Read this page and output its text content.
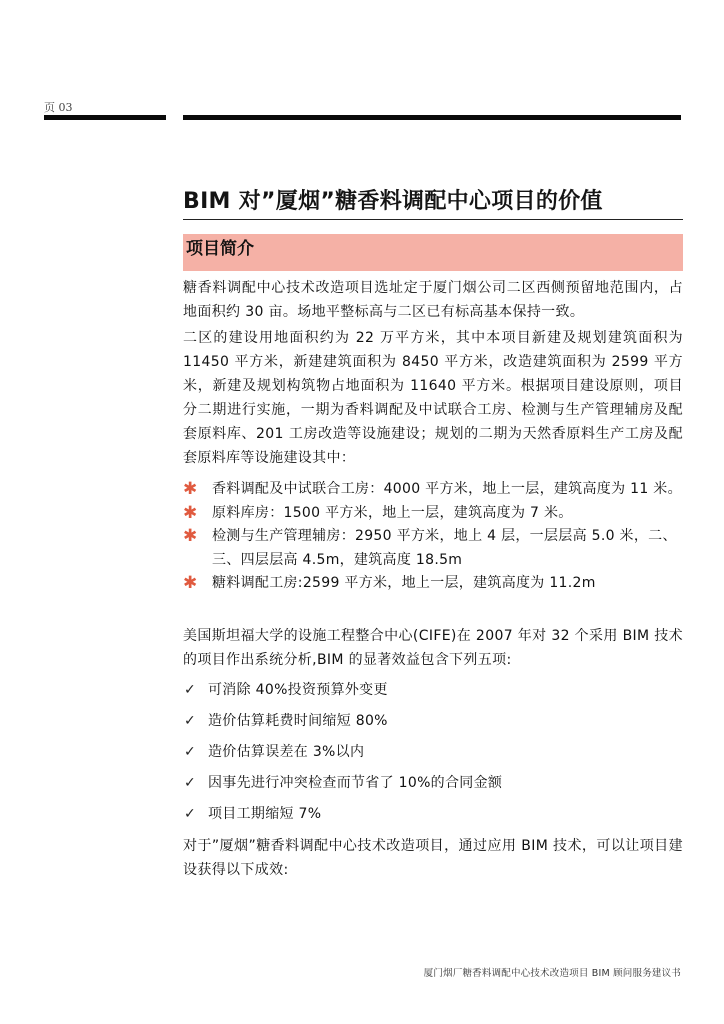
页 03
BIM 对”厦烟”糖香料调配中心项目的价值
项目简介

糖香料调配中心技术改造项目选址定于厦门烟公司二区西侧预留地范围内，占地面积约 30 亩。场地平整标高与二区已有标高基本保持一致。

二区的建设用地面积约为 22 万平方米，其中本项目新建及规划建筑面积为 11450 平方米，新建建筑面积为 8450 平方米，改造建筑面积为 2599 平方米，新建及规划构筑物占地面积为 11640 平方米。根据项目建设原则，项目分二期进行实施，一期为香料调配及中试联合工房、检测与生产管理辅房及配套原料库、201 工房改造等设施建设；规划的二期为天然香原料生产工房及配套原料库等设施建设其中：

✱ 香料调配及中试联合工房：4000 平方米，地上一层，建筑高度为 11 米。
✱ 原料库房：1500 平方米，地上一层，建筑高度为 7 米。
✱ 检测与生产管理辅房：2950 平方米，地上 4 层，一层层高 5.0 米，二、三、四层层高 4.5m，建筑高度 18.5m
✱ 糖料调配工房:2599 平方米，地上一层，建筑高度为 11.2m

美国斯坦福大学的设施工程整合中心(CIFE)在 2007 年对 32 个采用 BIM 技术的项目作出系统分析,BIM 的显著效益包含下列五项:

✓ 可消除 40%投资预算外变更
✓ 造价估算耗费时间缩短 80%
✓ 造价估算误差在 3%以内
✓ 因事先进行冲突检查而节省了 10%的合同金额
✓ 项目工期缩短 7%

对于”厦烟”糖香料调配中心技术改造项目，通过应用 BIM 技术，可以让项目建设获得以下成效:

厦门烟厂糖香料调配中心技术改造项目 BIM 顾问服务建议书
